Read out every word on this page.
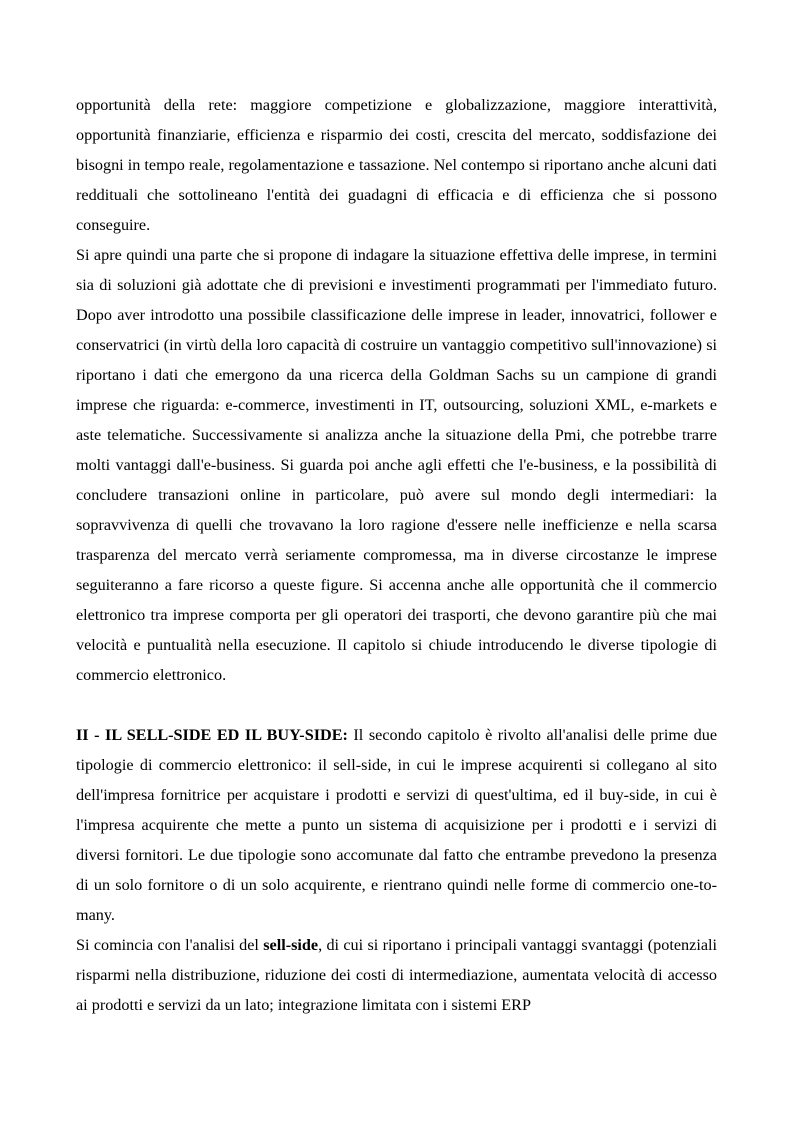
opportunità della rete: maggiore competizione e globalizzazione, maggiore interattività, opportunità finanziarie, efficienza e risparmio dei costi, crescita del mercato, soddisfazione dei bisogni in tempo reale, regolamentazione e tassazione. Nel contempo si riportano anche alcuni dati reddituali che sottolineano l'entità dei guadagni di efficacia e di efficienza che si possono conseguire.

Si apre quindi una parte che si propone di indagare la situazione effettiva delle imprese, in termini sia di soluzioni già adottate che di previsioni e investimenti programmati per l'immediato futuro. Dopo aver introdotto una possibile classificazione delle imprese in leader, innovatrici, follower e conservatrici (in virtù della loro capacità di costruire un vantaggio competitivo sull'innovazione) si riportano i dati che emergono da una ricerca della Goldman Sachs su un campione di grandi imprese che riguarda: e-commerce, investimenti in IT, outsourcing, soluzioni XML, e-markets e aste telematiche. Successivamente si analizza anche la situazione della Pmi, che potrebbe trarre molti vantaggi dall'e-business. Si guarda poi anche agli effetti che l'e-business, e la possibilità di concludere transazioni online in particolare, può avere sul mondo degli intermediari: la sopravvivenza di quelli che trovavano la loro ragione d'essere nelle inefficienze e nella scarsa trasparenza del mercato verrà seriamente compromessa, ma in diverse circostanze le imprese seguiteranno a fare ricorso a queste figure. Si accenna anche alle opportunità che il commercio elettronico tra imprese comporta per gli operatori dei trasporti, che devono garantire più che mai velocità e puntualità nella esecuzione. Il capitolo si chiude introducendo le diverse tipologie di commercio elettronico.

II - IL SELL-SIDE ED IL BUY-SIDE: Il secondo capitolo è rivolto all'analisi delle prime due tipologie di commercio elettronico: il sell-side, in cui le imprese acquirenti si collegano al sito dell'impresa fornitrice per acquistare i prodotti e servizi di quest'ultima, ed il buy-side, in cui è l'impresa acquirente che mette a punto un sistema di acquisizione per i prodotti e i servizi di diversi fornitori. Le due tipologie sono accomunate dal fatto che entrambe prevedono la presenza di un solo fornitore o di un solo acquirente, e rientrano quindi nelle forme di commercio one-to-many.

Si comincia con l'analisi del sell-side, di cui si riportano i principali vantaggi svantaggi (potenziali risparmi nella distribuzione, riduzione dei costi di intermediazione, aumentata velocità di accesso ai prodotti e servizi da un lato; integrazione limitata con i sistemi ERP
